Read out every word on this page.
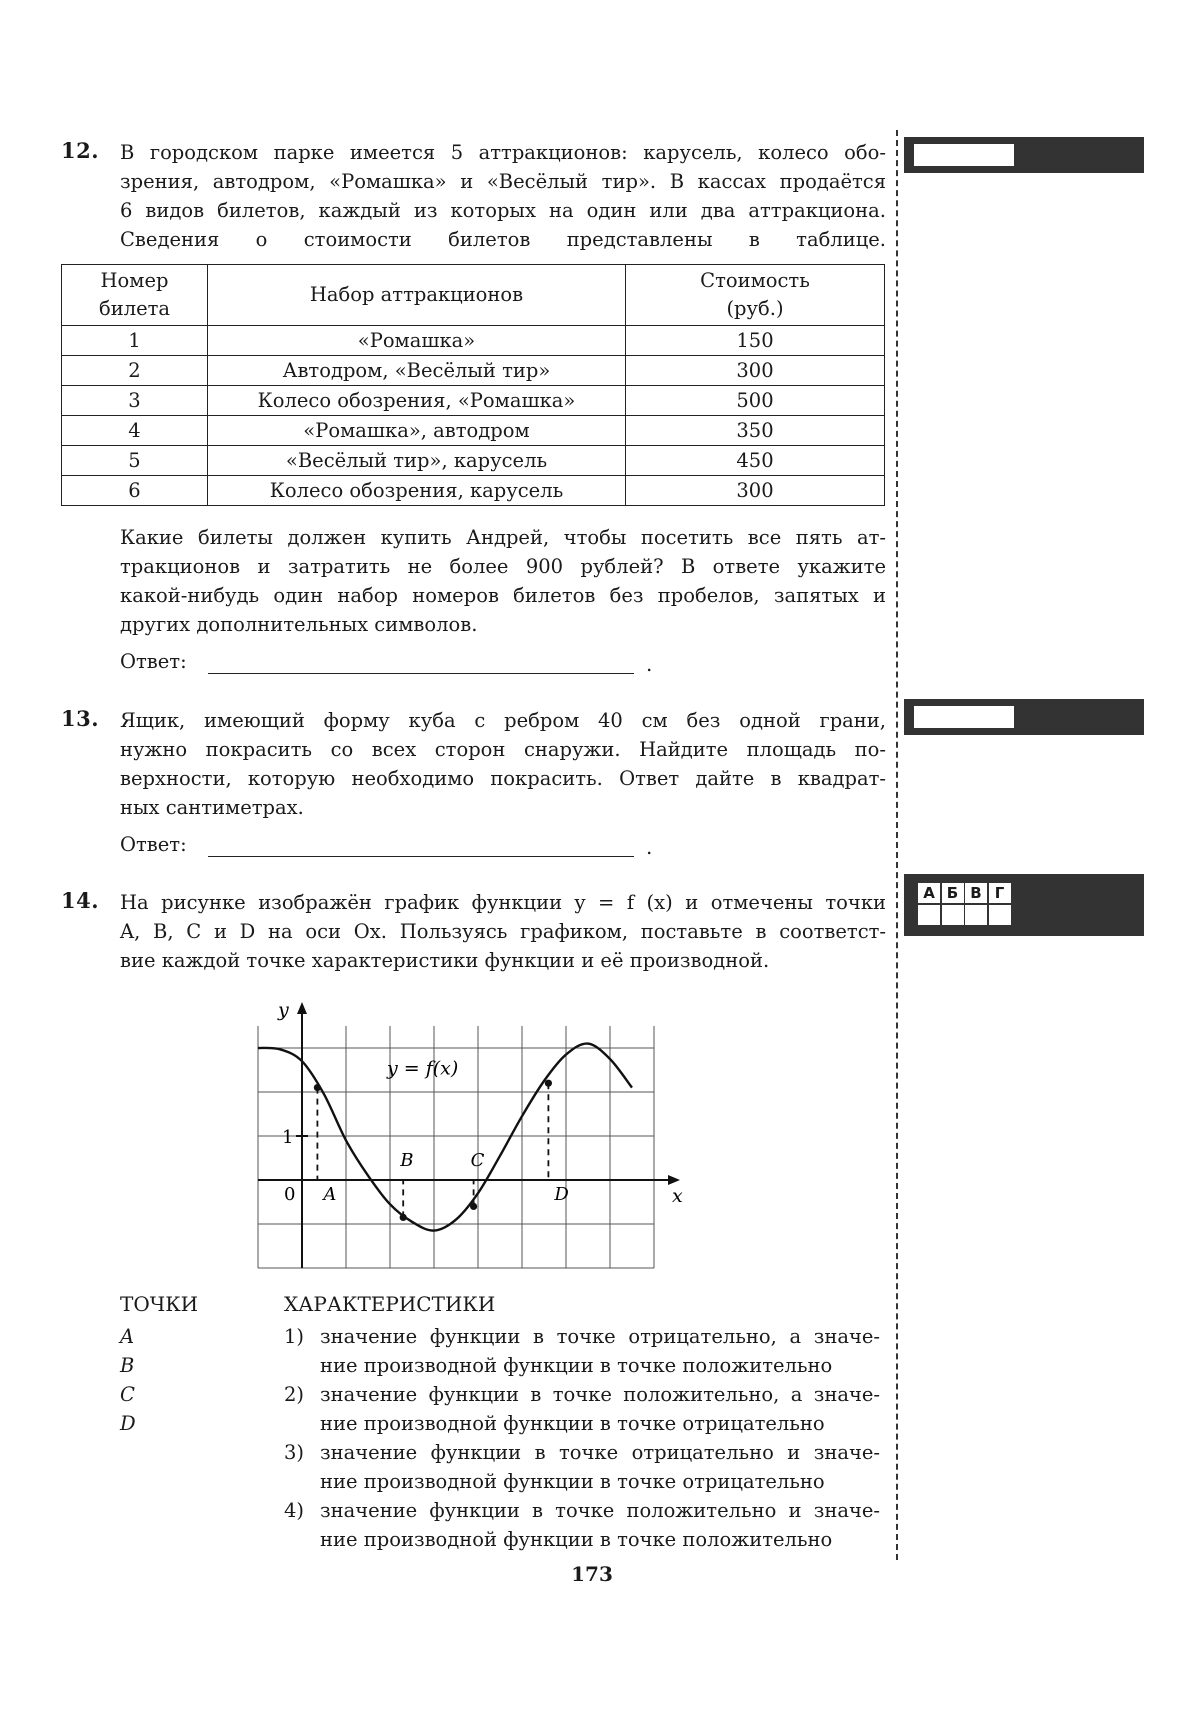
А Б В Г
12. В городском парке имеется 5 аттракционов: карусель, колесо обо-
зрения, автодром, «Ромашка» и «Весёлый тир». В кассах продаётся
6 видов билетов, каждый из которых на один или два аттракциона.
Сведения о стоимости билетов представлены в таблице.
Номер
билета	Набор аттракционов	Стоимость
(руб.)
1	«Ромашка»	150
2	Автодром, «Весёлый тир»	300
3	Колесо обозрения, «Ромашка»	500
4	«Ромашка», автодром	350
5	«Весёлый тир», карусель	450
6	Колесо обозрения, карусель	300
Какие билеты должен купить Андрей, чтобы посетить все пять ат-
тракционов и затратить не более 900 рублей? В ответе укажите
какой-нибудь один набор номеров билетов без пробелов, запятых и
других дополнительных символов.
Ответ:	.
13. Ящик, имеющий форму куба с ребром 40 см без одной грани,
нужно покрасить со всех сторон снаружи. Найдите площадь по-
верхности, которую необходимо покрасить. Ответ дайте в квадрат-
ных сантиметрах.
Ответ:	.
14. На рисунке изображён график функции y = f (x) и отмечены точки
A, B, C и D на оси Ox. Пользуясь графиком, поставьте в соответст-
вие каждой точке характеристики функции и её производной.
A
B	C
D
y = f(x)
x
y
0
1
ТОЧКИ
A
B
C
D
ХАРАКТЕРИСТИКИ
1) значение функции в точке отрицательно, а значе-
ние производной функции в точке положительно
2) значение функции в точке положительно, а значе-
ние производной функции в точке отрицательно
3) значение функции в точке отрицательно и значе-
ние производной функции в точке отрицательно
4) значение функции в точке положительно и значе-
ние производной функции в точке положительно
173
